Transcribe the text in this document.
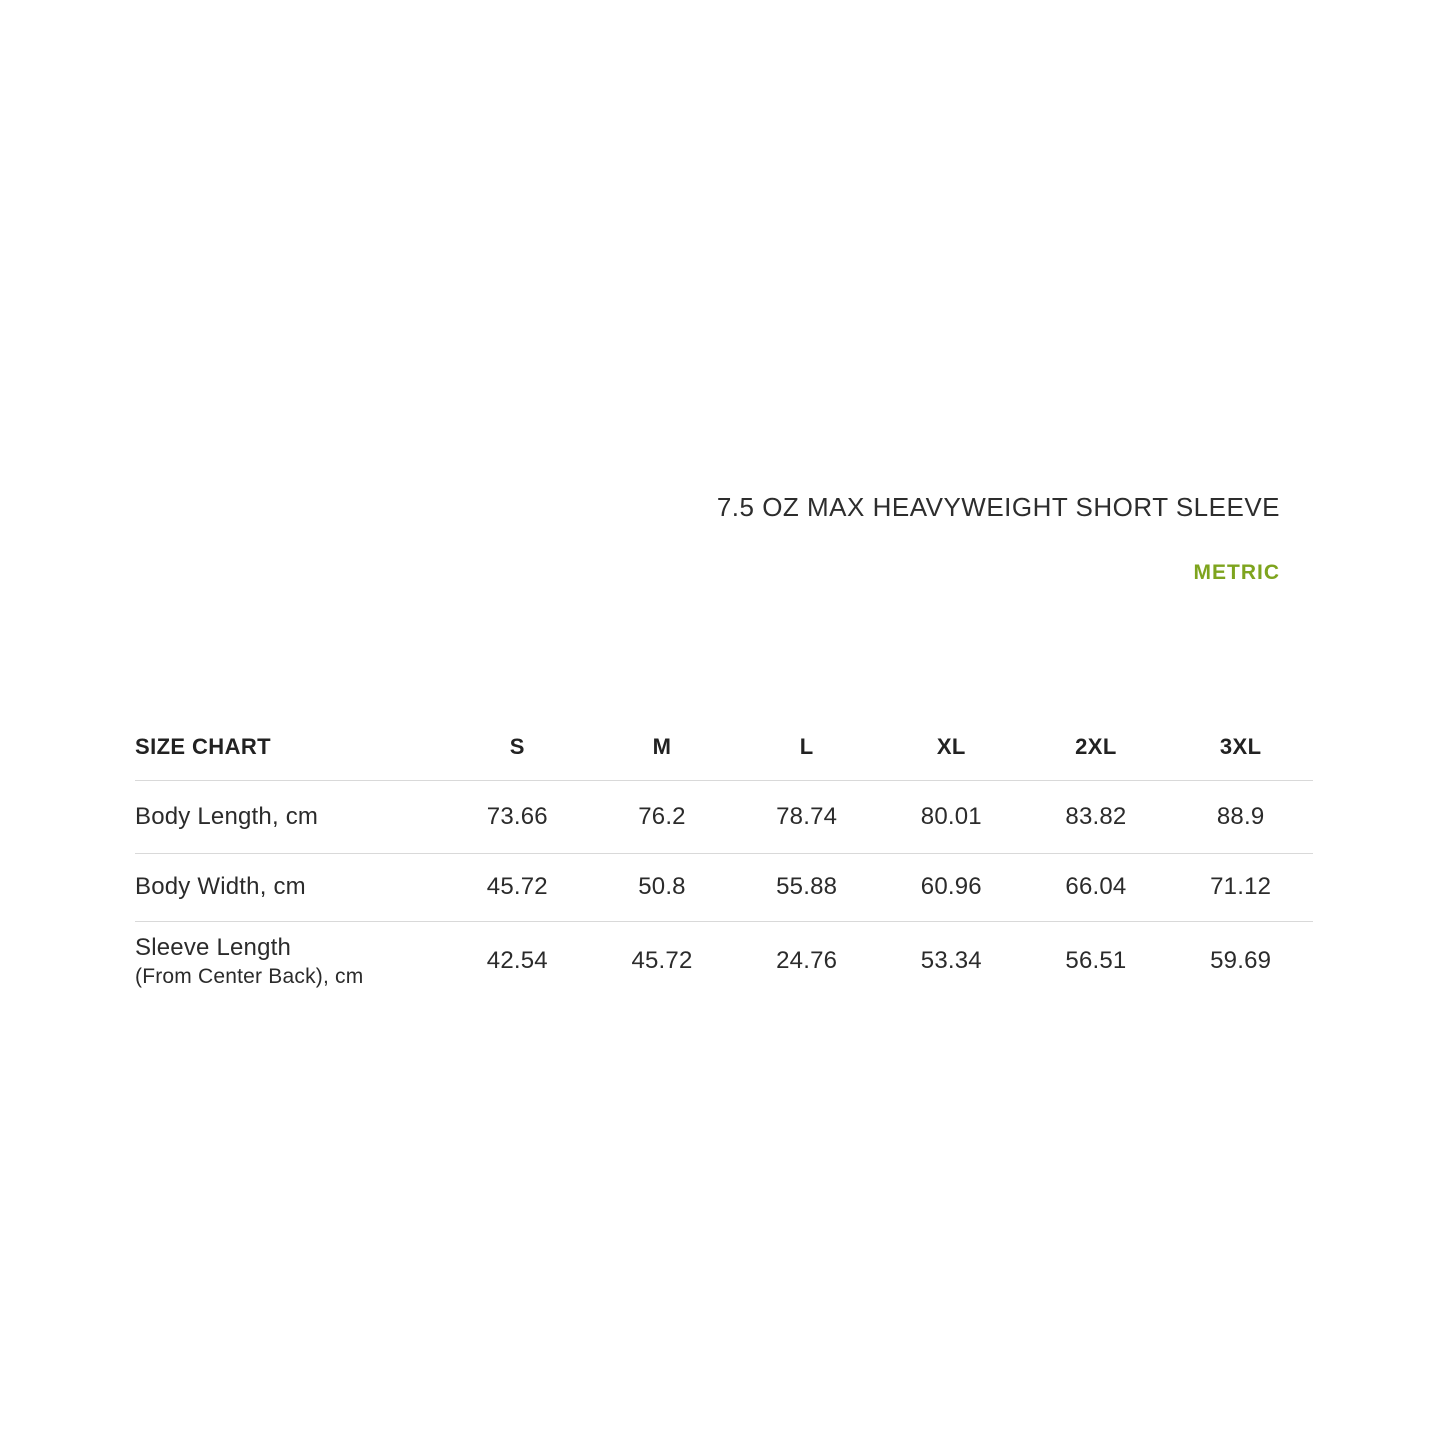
7.5 OZ MAX HEAVYWEIGHT SHORT SLEEVE

METRIC
SIZE CHART	S	M	L	XL	2XL	3XL
Body Length, cm	73.66	76.2	78.74	80.01	83.82	88.9
Body Width, cm	45.72	50.8	55.88	60.96	66.04	71.12

Sleeve Length
(From Center Back), cm	42.54	45.72	24.76	53.34	56.51	59.69
